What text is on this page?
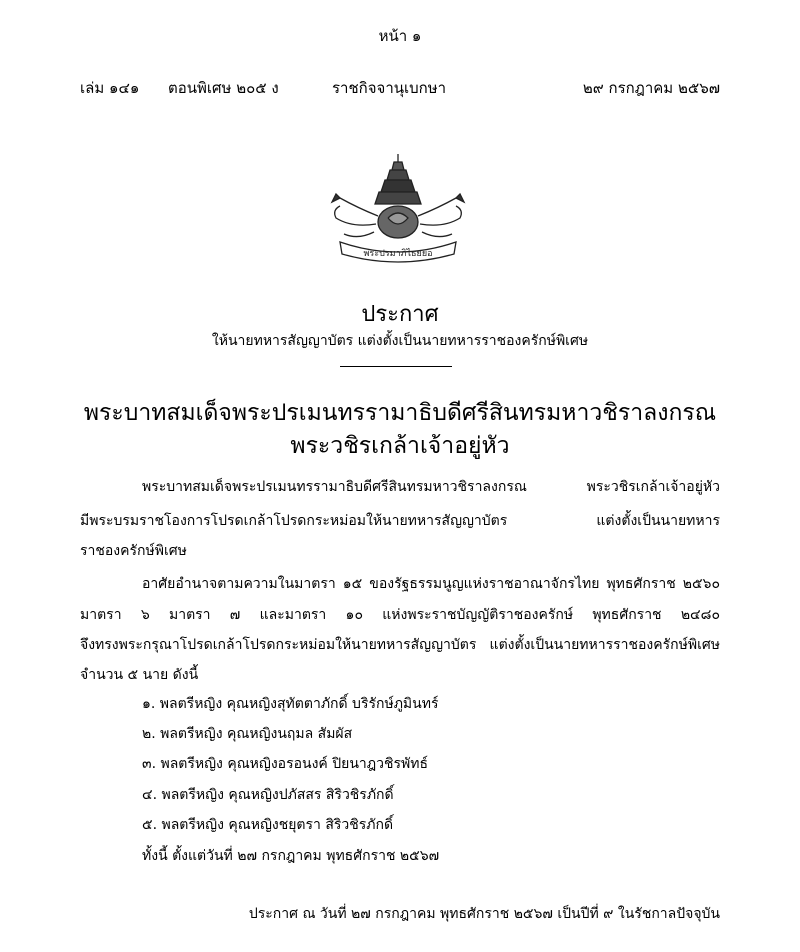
หน้า ๑
เล่ม ๑๔๑ ตอนพิเศษ ๒๐๕ ง	ราชกิจจานุเบกษา	๒๙ กรกฎาคม ๒๕๖๗
พระปรมาภิไธยย่อ
ประกาศ
ให้นายทหารสัญญาบัตร แต่งตั้งเป็นนายทหารราชองครักษ์พิเศษ
พระบาทสมเด็จพระปรเมนทรรามาธิบดีศรีสินทรมหาวชิราลงกรณ
พระวชิรเกล้าเจ้าอยู่หัว
พระบาทสมเด็จพระปรเมนทรรามาธิบดีศรีสินทรมหาวชิราลงกรณ พระวชิรเกล้าเจ้าอยู่หัว
มีพระบรมราชโองการโปรดเกล้าโปรดกระหม่อมให้นายทหารสัญญาบัตร แต่งตั้งเป็นนายทหาร
ราชองครักษ์พิเศษ
อาศัยอำนาจตามความในมาตรา ๑๕ ของรัฐธรรมนูญแห่งราชอาณาจักรไทย พุทธศักราช ๒๕๖๐
มาตรา ๖ มาตรา ๗ และมาตรา ๑๐ แห่งพระราชบัญญัติราชองครักษ์ พุทธศักราช ๒๔๘๐
จึงทรงพระกรุณาโปรดเกล้าโปรดกระหม่อมให้นายทหารสัญญาบัตร แต่งตั้งเป็นนายทหารราชองครักษ์พิเศษ
จำนวน ๕ นาย ดังนี้
๑. พลตรีหญิง คุณหญิงสุทัตตาภักดิ์ บริรักษ์ภูมินทร์
๒. พลตรีหญิง คุณหญิงนฤมล สัมผัส
๓. พลตรีหญิง คุณหญิงอรอนงค์ ปิยนาฎวชิรพัทธ์
๔. พลตรีหญิง คุณหญิงปภัสสร สิริวชิรภักดิ์
๕. พลตรีหญิง คุณหญิงชยุตรา สิริวชิรภักดิ์
ทั้งนี้ ตั้งแต่วันที่ ๒๗ กรกฎาคม พุทธศักราช ๒๕๖๗
ประกาศ ณ วันที่ ๒๗ กรกฎาคม พุทธศักราช ๒๕๖๗ เป็นปีที่ ๙ ในรัชกาลปัจจุบัน
